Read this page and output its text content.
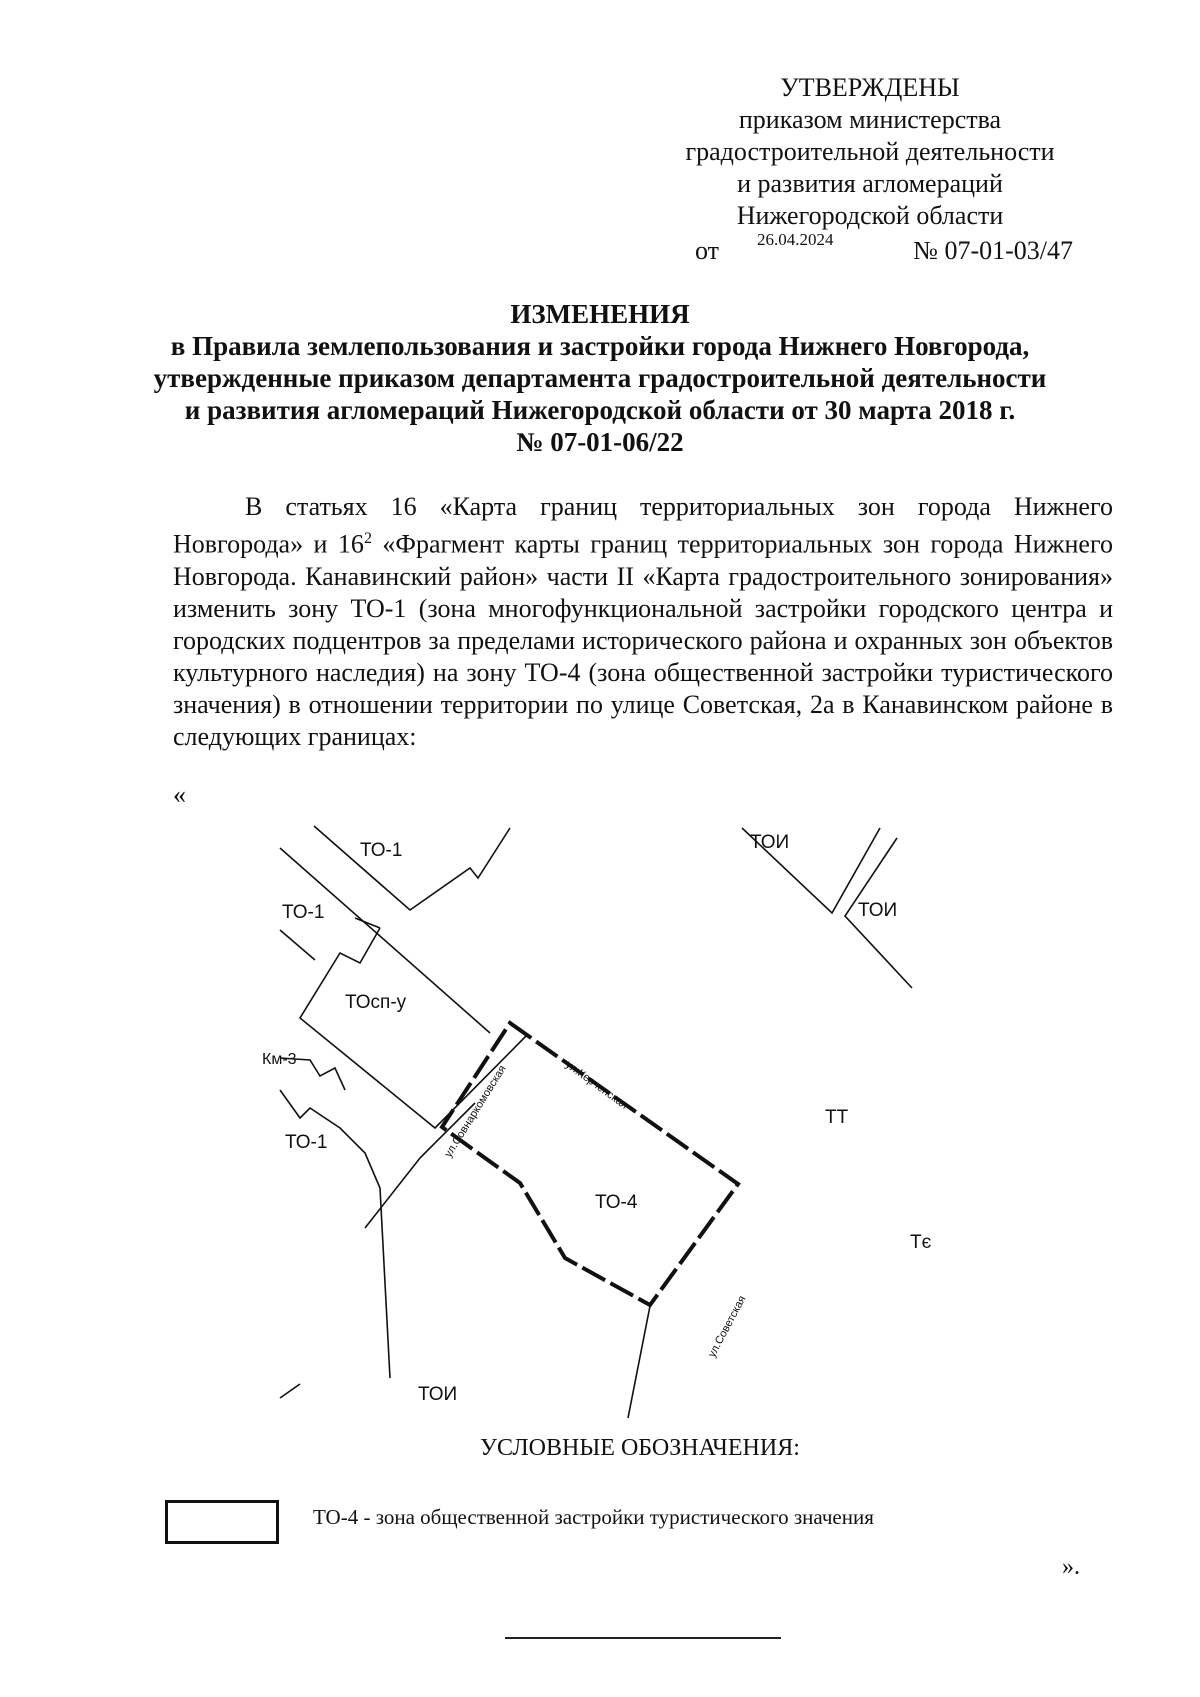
УТВЕРЖДЕНЫ
приказом министерства
градостроительной деятельности
и развития агломераций
Нижегородской области
от 26.04.2024	№ 07-01-03/47
ИЗМЕНЕНИЯ
в Правила землепользования и застройки города Нижнего Новгорода,
утвержденные приказом департамента градостроительной деятельности
и развития агломераций Нижегородской области от 30 марта 2018 г.
№ 07-01-06/22

В статьях 16 «Карта границ территориальных зон города Нижнего Новгорода» и $16^2$ «Фрагмент карты границ территориальных зон города Нижнего Новгорода. Канавинский район» части II «Карта градостроительного зонирования» изменить зону ТО-1 (зона многофункциональной застройки городского центра и городских подцентров за пределами исторического района и охранных зон объектов культурного наследия) на зону ТО-4 (зона общественной застройки туристического значения) в отношении территории по улице Советская, 2а в Канавинском районе в следующих границах:

«
ТО-1
ТО-1
ТОсп-у
Км-3
ТО-1
ТОИ
ТОИ
ТОИ
ТТ
ТО-4
Тє
ул.Совнаркомовская	ул.Керченская
ул.Советская
УСЛОВНЫЕ ОБОЗНАЧЕНИЯ:
ТО-4 - зона общественной застройки туристического значения
».
